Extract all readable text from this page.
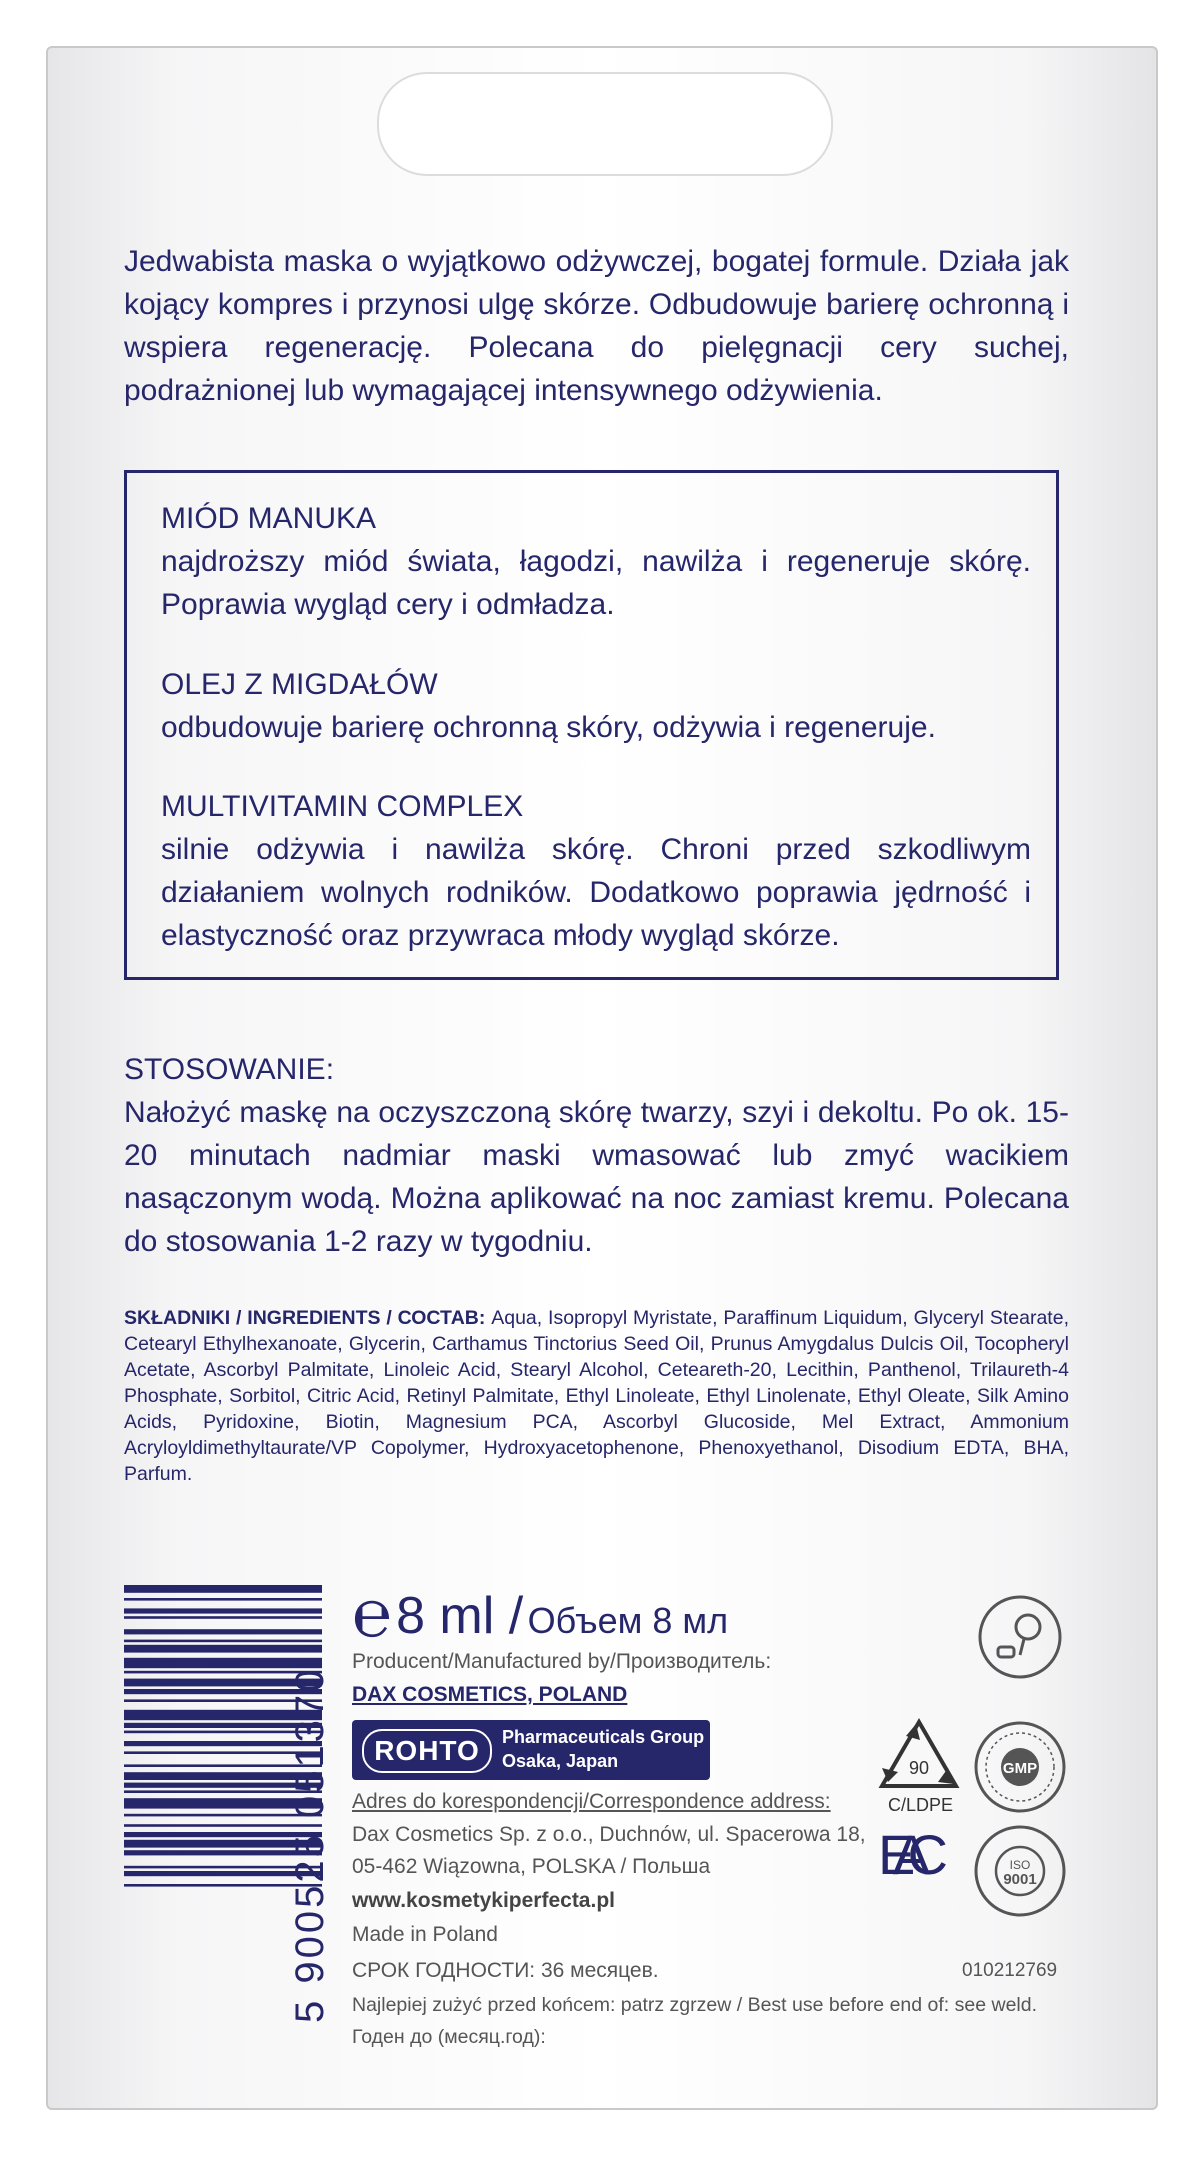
Jedwabista maska o wyjątkowo odżywczej, bogatej formule. Działa jak kojący kompres i przynosi ulgę skórze. Odbudowuje barierę ochronną i wspiera regenerację. Polecana do pielęgnacji cery suchej, podrażnionej lub wymagającej intensywnego odżywienia.
MIÓD MANUKA
najdroższy miód świata, łagodzi, nawilża i regeneruje skórę. Poprawia wygląd cery i odmładza.
OLEJ Z MIGDAŁÓW
odbudowuje barierę ochronną skóry, odżywia i regeneruje.
MULTIVITAMIN COMPLEX
silnie odżywia i nawilża skórę. Chroni przed szkodliwym działaniem wolnych rodników. Dodatkowo poprawia jędrność i elastyczność oraz przywraca młody wygląd skórze.
STOSOWANIE:
Nałożyć maskę na oczyszczoną skórę twarzy, szyi i dekoltu. Po ok. 15-20 minutach nadmiar maski wmasować lub zmyć wacikiem nasączonym wodą. Można aplikować na noc zamiast kremu. Polecana do stosowania 1-2 razy w tygodniu.
SKŁADNIKI / INGREDIENTS / СОСТАВ: Aqua, Isopropyl Myristate, Paraffinum Liquidum, Glyceryl Stearate, Cetearyl Ethylhexanoate, Glycerin, Carthamus Tinctorius Seed Oil, Prunus Amygdalus Dulcis Oil, Tocopheryl Acetate, Ascorbyl Palmitate, Linoleic Acid, Stearyl Alcohol, Ceteareth-20, Lecithin, Panthenol, Trilaureth-4 Phosphate, Sorbitol, Citric Acid, Retinyl Palmitate, Ethyl Linoleate, Ethyl Linolenate, Ethyl Oleate, Silk Amino Acids, Pyridoxine, Biotin, Magnesium PCA, Ascorbyl Glucoside, Mel Extract, Ammonium Acryloyldimethyltaurate/VP Copolymer, Hydroxyacetophenone, Phenoxyethanol, Disodium EDTA, BHA, Parfum.
5 900525 051370
℮ 8 ml / Объем 8 мл
Producent/Manufactured by/Производитель:
DAX COSMETICS, POLAND
ROHTO	Pharmaceuticals Group
Osaka, Japan
Adres do korespondencji/Correspondence address:
Dax Cosmetics Sp. z o.o., Duchnów, ul. Spacerowa 18,
05-462 Wiązowna, POLSKA / Польша
www.kosmetykiperfecta.pl
Made in Poland
СРОК ГОДНОСТИ: 36 месяцев.
Najlepiej zużyć przed końcem: patrz zgrzew / Best use before end of: see weld.
Годен до (месяц.год):
010212769
90
C/LDPE
GMP
EAC	ISO
9001
